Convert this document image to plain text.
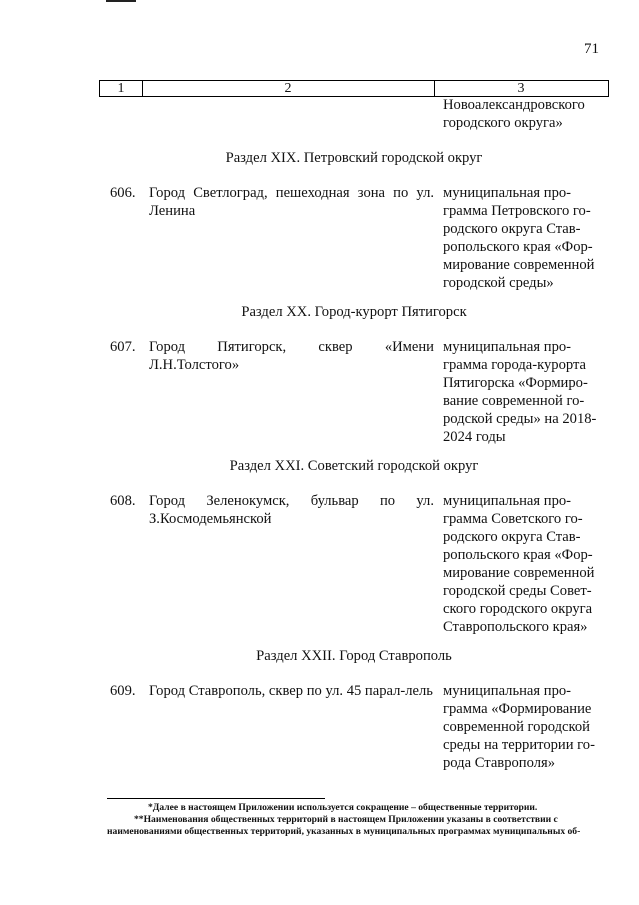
71
1	2	3
Новоалександровского
городского округа»
Раздел XIX. Петровский городской округ
606. Город Светлоград, пешеходная зона по ул. Ленина
муниципальная про-
грамма Петровского го-
родского округа Став-
ропольского края «Фор-
мирование современной
городской среды»
Раздел XX. Город-курорт Пятигорск
607. Город Пятигорск, сквер «Имени Л.Н.Толстого»
муниципальная про-
грамма города-курорта
Пятигорска «Формиро-
вание современной го-
родской среды» на 2018-
2024 годы
Раздел XXI. Советский городской округ
608. Город Зеленокумск, бульвар по ул. З.Космодемьянской
муниципальная про-
грамма Советского го-
родского округа Став-
ропольского края «Фор-
мирование современной
городской среды Совет-
ского городского округа
Ставропольского края»
Раздел XXII. Город Ставрополь
609. Город Ставрополь, сквер по ул. 45 парал-лель муниципальная про-
грамма «Формирование
современной городской
среды на территории го-
рода Ставрополя»
*Далее в настоящем Приложении используется сокращение – общественные территории.
**Наименования общественных территорий в настоящем Приложении указаны в соответствии с
наименованиями общественных территорий, указанных в муниципальных программах муниципальных об-
